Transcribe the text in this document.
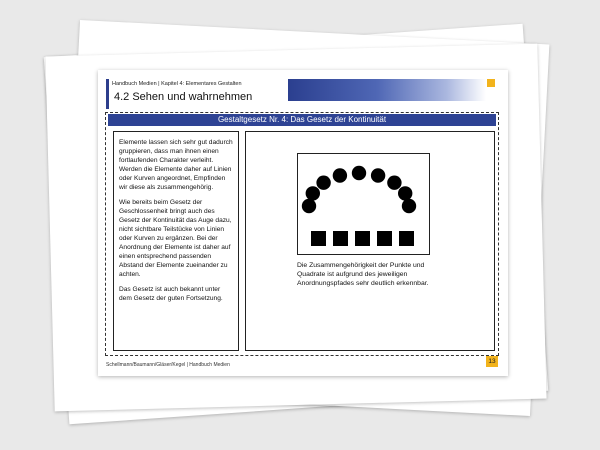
Handbuch Medien | Kapitel 4: Elementares Gestalten
4.2 Sehen und wahrnehmen
Gestaltgesetz Nr. 4: Das Gesetz der Kontinuität

Elemente lassen sich sehr gut dadurch gruppieren, dass man ihnen einen fortlaufenden Charakter verleiht. Werden die Elemente daher auf Linien oder Kurven angeordnet, Empfinden wir diese als zusammengehörig.

Wie bereits beim Gesetz der Geschlossenheit bringt auch des Gesetz der Kontinuität das Auge dazu, nicht sichtbare Teilstücke von Linien oder Kurven zu ergänzen. Bei der Anordnung der Elemente ist daher auf einen entsprechend passenden Abstand der Elemente zueinander zu achten.

Das Gesetz ist auch bekannt unter dem Gesetz der guten Fortsetzung.

Die Zusammengehörigkeit der Punkte und Quadrate ist aufgrund des jeweiligen Anordnungspfades sehr deutlich erkennbar.
Schellmann/Baumann/Gläser/Kegel | Handbuch Medien	13
